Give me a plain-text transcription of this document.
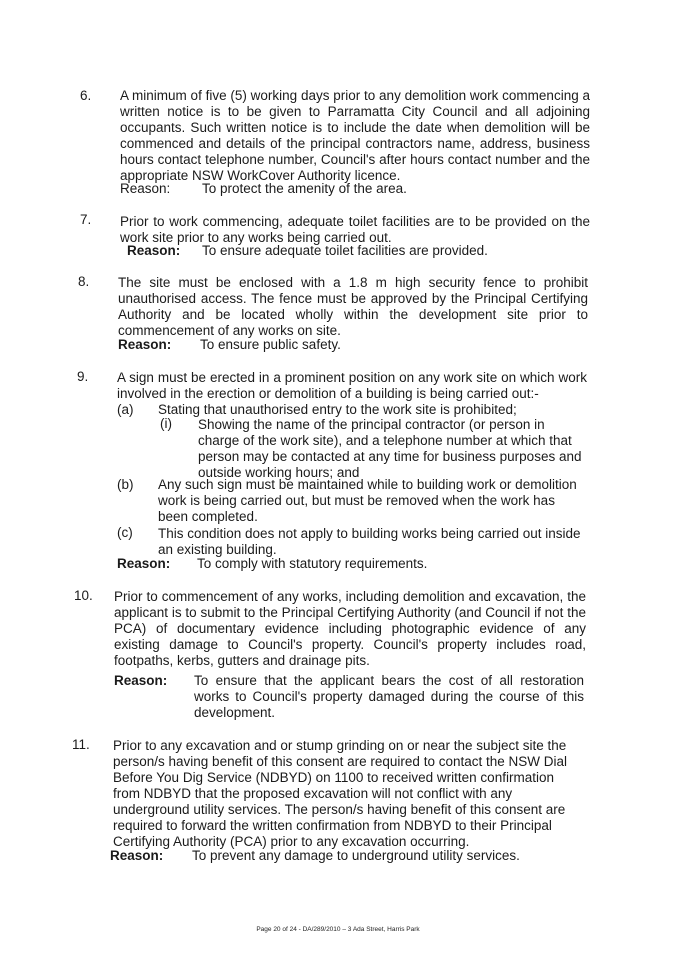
6. A minimum of five (5) working days prior to any demolition work commencing a written notice is to be given to Parramatta City Council and all adjoining occupants. Such written notice is to include the date when demolition will be commenced and details of the principal contractors name, address, business hours contact telephone number, Council's after hours contact number and the appropriate NSW WorkCover Authority licence.
Reason: To protect the amenity of the area.
7. Prior to work commencing, adequate toilet facilities are to be provided on the work site prior to any works being carried out.
Reason: To ensure adequate toilet facilities are provided.
8. The site must be enclosed with a 1.8 m high security fence to prohibit unauthorised access. The fence must be approved by the Principal Certifying Authority and be located wholly within the development site prior to commencement of any works on site.
Reason: To ensure public safety.
9. A sign must be erected in a prominent position on any work site on which work involved in the erection or demolition of a building is being carried out:-
(a) Stating that unauthorised entry to the work site is prohibited;
(i) Showing the name of the principal contractor (or person in charge of the work site), and a telephone number at which that person may be contacted at any time for business purposes and outside working hours; and
(b) Any such sign must be maintained while to building work or demolition work is being carried out, but must be removed when the work has been completed.
(c) This condition does not apply to building works being carried out inside an existing building.
Reason: To comply with statutory requirements.
10. Prior to commencement of any works, including demolition and excavation, the applicant is to submit to the Principal Certifying Authority (and Council if not the PCA) of documentary evidence including photographic evidence of any existing damage to Council's property. Council's property includes road, footpaths, kerbs, gutters and drainage pits.
Reason: To ensure that the applicant bears the cost of all restoration works to Council's property damaged during the course of this development.
11. Prior to any excavation and or stump grinding on or near the subject site the person/s having benefit of this consent are required to contact the NSW Dial Before You Dig Service (NDBYD) on 1100 to received written confirmation from NDBYD that the proposed excavation will not conflict with any underground utility services. The person/s having benefit of this consent are required to forward the written confirmation from NDBYD to their Principal Certifying Authority (PCA) prior to any excavation occurring.
Reason: To prevent any damage to underground utility services.
Page 20 of 24 - DA/289/2010 – 3 Ada Street, Harris Park
